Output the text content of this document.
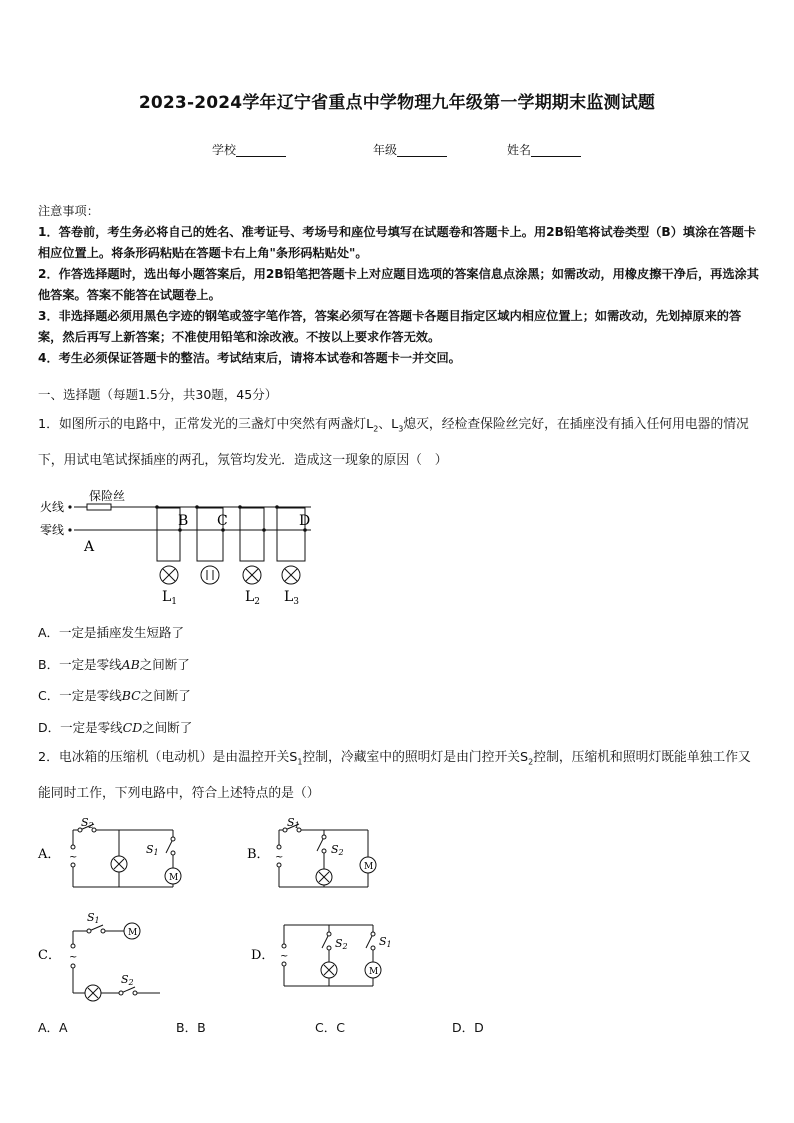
2023-2024学年辽宁省重点中学物理九年级第一学期期末监测试题
学校	年级	姓名
注意事项：
1．答卷前，考生务必将自己的姓名、准考证号、考场号和座位号填写在试题卷和答题卡上。用2B铅笔将试卷类型（B）填涂在答题卡相应位置上。将条形码粘贴在答题卡右上角"条形码粘贴处"。
2．作答选择题时，选出每小题答案后，用2B铅笔把答题卡上对应题目选项的答案信息点涂黑；如需改动，用橡皮擦干净后，再选涂其他答案。答案不能答在试题卷上。
3．非选择题必须用黑色字迹的钢笔或签字笔作答，答案必须写在答题卡各题目指定区域内相应位置上；如需改动，先划掉原来的答案，然后再写上新答案；不准使用铅笔和涂改液。不按以上要求作答无效。
4．考生必须保证答题卡的整洁。考试结束后，请将本试卷和答题卡一并交回。
一、选择题（每题1.5分，共30题，45分）
1．如图所示的电路中，正常发光的三盏灯中突然有两盏灯$L_2$、$L_3$熄灭，经检查保险丝完好，在插座没有插入任何用电器的情况下，用试电笔试探插座的两孔，氖管均发光．造成这一现象的原因（　）
火线
保险丝
零线
A
B C	D
$L_1$	$L_2$ $L_3$
A．一定是插座发生短路了
B．一定是零线AB之间断了
C．一定是零线BC之间断了
D．一定是零线CD之间断了
2．电冰箱的压缩机（电动机）是由温控开关$S_1$控制，冷藏室中的照明灯是由门控开关$S_2$控制，压缩机和照明灯既能单独工作又能同时工作，下列电路中，符合上述特点的是（）
A． ~
M
S2
S1	B． ~
M
S1
S2
C． ~
M
S1
S2
D． ~
M
S2	S1
A．A	B．B	C．C	D．D
